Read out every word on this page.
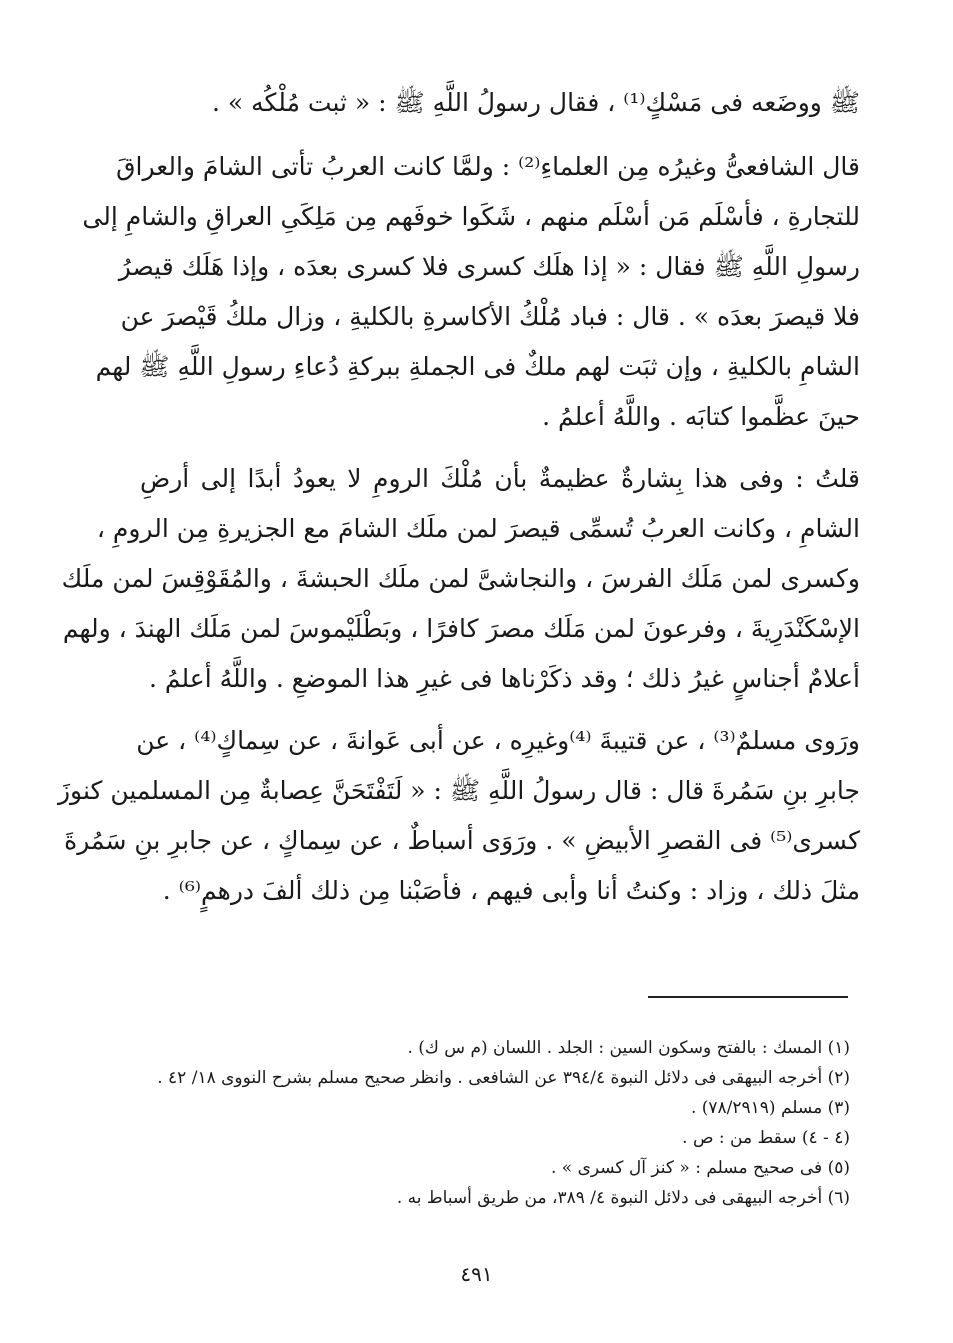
ﷺ ووضَعه فى مَسْكٍ⁽¹⁾ ، فقال رسولُ اللَّهِ ﷺ : « ثبت مُلْكُه » .
قال الشافعىُّ وغيرُه مِن العلماءِ⁽²⁾ : ولمَّا كانت العربُ تأتى الشامَ والعراقَ
للتجارةِ ، فأسْلَم مَن أسْلَم منهم ، شَكَوا خوفَهم مِن مَلِكَىِ العراقِ والشامِ إلى
رسولِ اللَّهِ ﷺ فقال : « إذا هلَك كسرى فلا كسرى بعدَه ، وإذا هَلَك قيصرُ
فلا قيصرَ بعدَه » . قال : فباد مُلْكُ الأكاسرةِ بالكليةِ ، وزال ملكُ قَيْصرَ عن
الشامِ بالكليةِ ، وإن ثبَت لهم ملكٌ فى الجملةِ ببركةِ دُعاءِ رسولِ اللَّهِ ﷺ لهم
حينَ عظَّموا كتابَه . واللَّهُ أعلمُ .
قلتُ : وفى هذا بِشارةٌ عظيمةٌ بأن مُلْكَ الرومِ لا يعودُ أبدًا إلى أرضِ
الشامِ ، وكانت العربُ تُسمِّى قيصرَ لمن ملَك الشامَ مع الجزيرةِ مِن الرومِ ،
وكسرى لمن مَلَك الفرسَ ، والنجاشىَّ لمن ملَك الحبشةَ ، والمُقَوْقِسَ لمن ملَك
الإسْكَنْدَرِيةَ ، وفرعونَ لمن مَلَك مصرَ كافرًا ، وبَطْلَيْموسَ لمن مَلَك الهندَ ، ولهم
أعلامٌ أجناسٍ غيرُ ذلك ؛ وقد ذكَرْناها فى غيرِ هذا الموضعِ . واللَّهُ أعلمُ .
ورَوى مسلمٌ⁽³⁾ ، عن قتيبةَ ⁽⁴⁾وغيرِه ، عن أبى عَوانةَ ، عن سِماكٍ⁽⁴⁾ ، عن
جابرِ بنِ سَمُرةَ قال : قال رسولُ اللَّهِ ﷺ : « لَتَفْتَحَنَّ عِصابةٌ مِن المسلمين كنوزَ
كسرى⁽⁵⁾ فى القصرِ الأبيضِ » . ورَوَى أسباطٌ ، عن سِماكٍ ، عن جابرِ بنِ سَمُرةَ
مثلَ ذلك ، وزاد : وكنتُ أنا وأبى فيهم ، فأصَبْنا مِن ذلك ألفَ درهمٍ⁽⁶⁾ .
(١) المسك : بالفتح وسكون السين : الجلد . اللسان (م س ك) .
(٢) أخرجه البيهقى فى دلائل النبوة ٣٩٤/٤ عن الشافعى . وانظر صحيح مسلم بشرح النووى ١٨/ ٤٢ .
(٣) مسلم (٧٨/٢٩١٩) .
(٤ - ٤) سقط من : ص .
(٥) فى صحيح مسلم : « كنز آل كسرى » .
(٦) أخرجه البيهقى فى دلائل النبوة ٤/ ٣٨٩، من طريق أسباط به .
٤٩١
